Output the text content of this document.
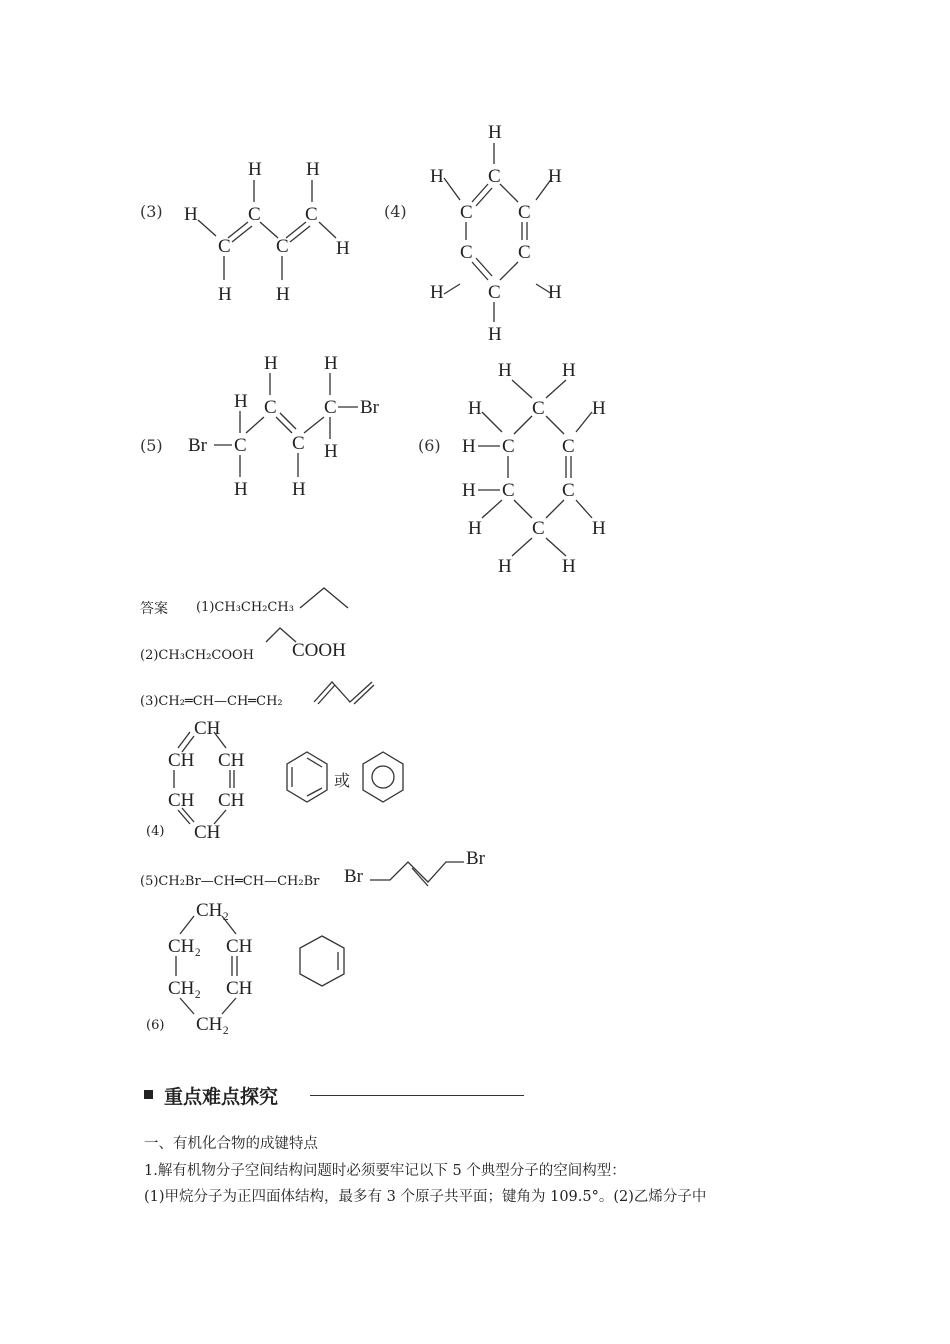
(3)
H H
H	C C
C C H
H H
(4)
H
C
H	H
C C
C C
H	H
C
H
(5)
H H
H C C Br
Br C C H
H H
(6)
H	H
H	C H
H C C
H C C
H	C H
H	H
答案 (1)CH₃CH₂CH₃
(2)CH₃CH₂COOH COOH
(3)CH₂═CH—CH═CH₂
CH
CH CH
CH CH
CH
(4)
或
(5)CH₂Br—CH═CH—CH₂Br Br
Br
CH₂
CH₂ CH
CH₂ CH
CH₂
(6)
重点难点探究
一、有机化合物的成键特点
1.解有机物分子空间结构问题时必须要牢记以下 5 个典型分子的空间构型：
(1)甲烷分子为正四面体结构，最多有 3 个原子共平面；键角为 109.5°。(2)乙烯分子中
